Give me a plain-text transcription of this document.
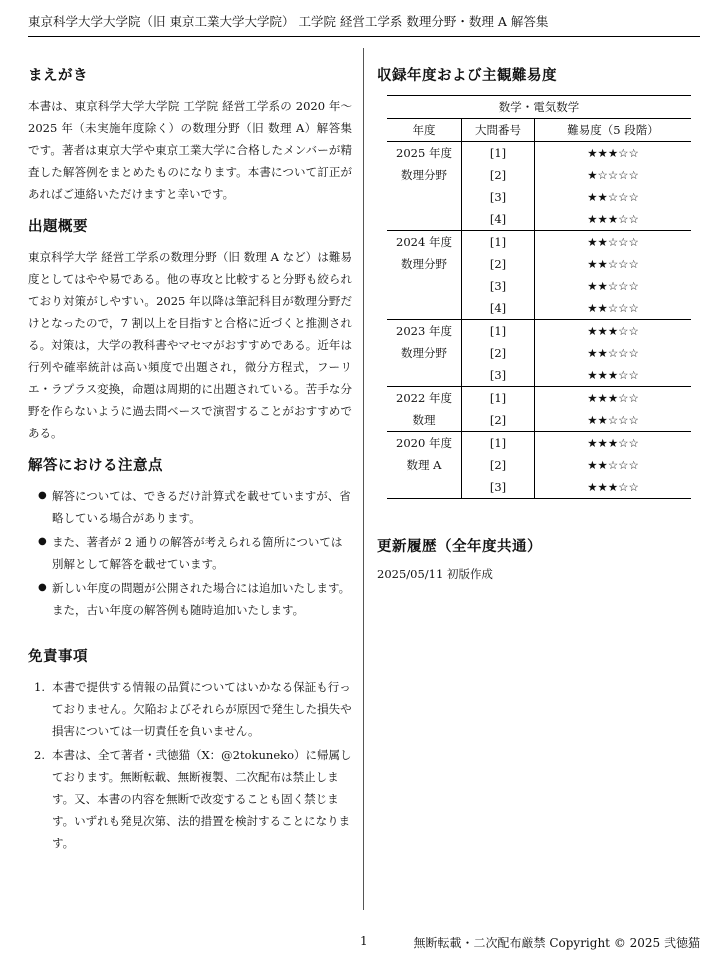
東京科学大学大学院（旧 東京工業大学大学院） 工学院 経営工学系 数理分野・数理 A 解答集
まえがき

本書は、東京科学大学大学院 工学院 経営工学系の 2020 年〜2025 年（未実施年度除く）の数理分野（旧 数理 A）解答集です。著者は東京大学や東京工業大学に合格したメンバーが精査した解答例をまとめたものになります。本書について訂正があればご連絡いただけますと幸いです。

出題概要

東京科学大学 経営工学系の数理分野（旧 数理 A など）は難易度としてはやや易である。他の専攻と比較すると分野も絞られており対策がしやすい。2025 年以降は筆記科目が数理分野だけとなったので，7 割以上を目指すと合格に近づくと推測される。対策は，大学の教科書やマセマがおすすめである。近年は行列や確率統計は高い頻度で出題され，微分方程式，フーリエ・ラプラス変換，命題は周期的に出題されている。苦手な分野を作らないように過去問ベースで演習することがおすすめである。

解答における注意点
● 解答については、できるだけ計算式を載せていますが、省略している場合があります。
● また、著者が 2 通りの解答が考えられる箇所については別解として解答を載せています。
● 新しい年度の問題が公開された場合には追加いたします。また，古い年度の解答例も随時追加いたします。
免責事項
1. 本書で提供する情報の品質についてはいかなる保証も行っておりません。欠陥およびそれらが原因で発生した損失や損害については一切責任を負いません。
2. 本書は、全て著者・弐徳猫（X：@2tokuneko）に帰属しております。無断転載、無断複製、二次配布は禁止します。又、本書の内容を無断で改変することも固く禁じます。いずれも発見次第、法的措置を検討することになります。
収録年度および主観難易度
数学・電気数学		
年度	大問番号	難易度（5 段階）
2025 年度	[1]	★★★☆☆
数理分野	[2]	★☆☆☆☆
	[3]	★★☆☆☆
	[4]	★★★☆☆
2024 年度	[1]	★★☆☆☆
数理分野	[2]	★★☆☆☆
	[3]	★★☆☆☆
	[4]	★★☆☆☆
2023 年度	[1]	★★★☆☆
数理分野	[2]	★★☆☆☆
	[3]	★★★☆☆
2022 年度	[1]	★★★☆☆
数理	[2]	★★☆☆☆
2020 年度	[1]	★★★☆☆
数理 A	[2]	★★☆☆☆
	[3]	★★★☆☆
更新履歴（全年度共通）
2025/05/11 初版作成
1	無断転載・二次配布厳禁 Copyright © 2025 弐徳猫
